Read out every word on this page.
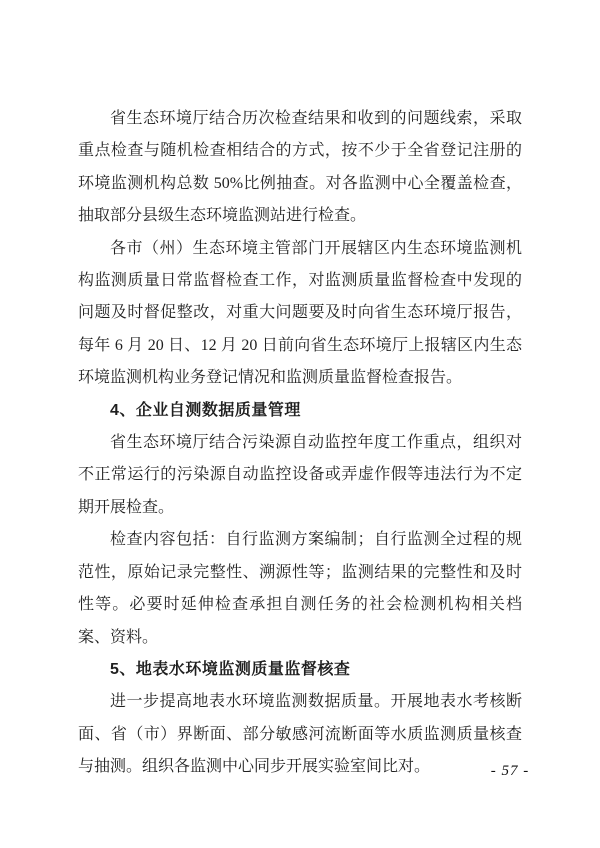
省生态环境厅结合历次检查结果和收到的问题线索，采取重点检查与随机检查相结合的方式，按不少于全省登记注册的环境监测机构总数 50%比例抽查。对各监测中心全覆盖检查，抽取部分县级生态环境监测站进行检查。

各市（州）生态环境主管部门开展辖区内生态环境监测机构监测质量日常监督检查工作，对监测质量监督检查中发现的问题及时督促整改，对重大问题要及时向省生态环境厅报告，每年 6 月 20 日、12 月 20 日前向省生态环境厅上报辖区内生态环境监测机构业务登记情况和监测质量监督检查报告。

4、企业自测数据质量管理

省生态环境厅结合污染源自动监控年度工作重点，组织对不正常运行的污染源自动监控设备或弄虚作假等违法行为不定期开展检查。

检查内容包括：自行监测方案编制；自行监测全过程的规范性，原始记录完整性、溯源性等；监测结果的完整性和及时性等。必要时延伸检查承担自测任务的社会检测机构相关档案、资料。

5、地表水环境监测质量监督核查

进一步提高地表水环境监测数据质量。开展地表水考核断面、省（市）界断面、部分敏感河流断面等水质监测质量核查与抽测。组织各监测中心同步开展实验室间比对。	- 57 -
